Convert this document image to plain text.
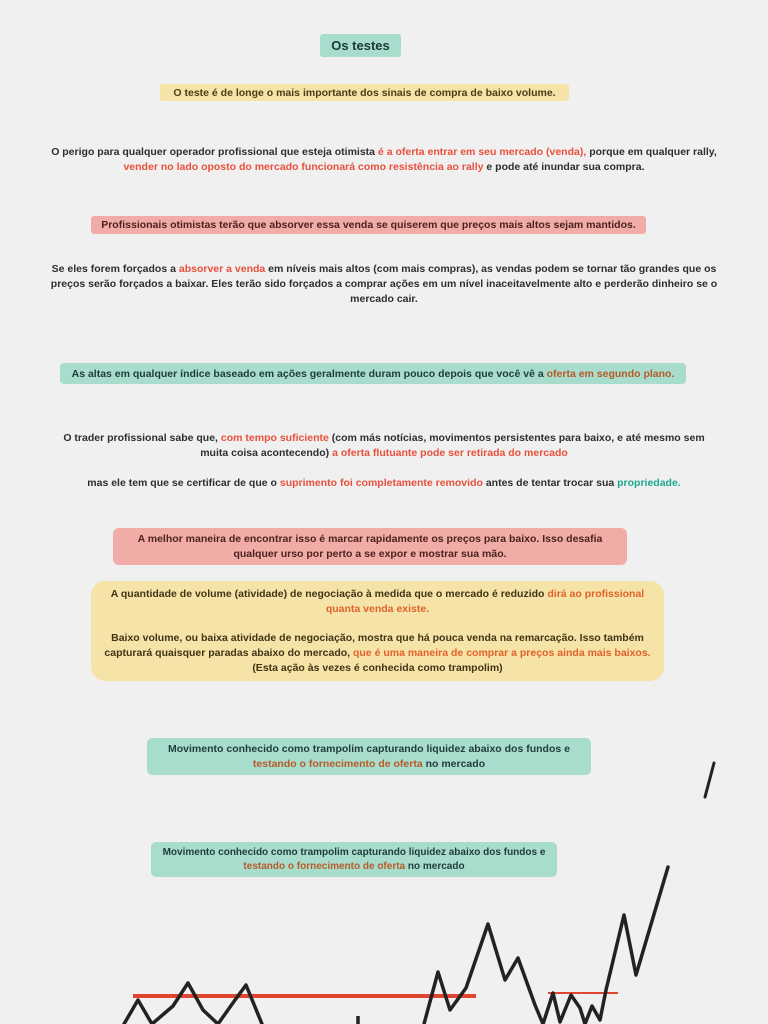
Os testes
O teste é de longe o mais importante dos sinais de compra de baixo volume.
O perigo para qualquer operador profissional que esteja otimista é a oferta entrar em seu mercado (venda), porque em qualquer rally, vender no lado oposto do mercado funcionará como resistência ao rally e pode até inundar sua compra.
Profissionais otimistas terão que absorver essa venda se quiserem que preços mais altos sejam mantidos.
Se eles forem forçados a absorver a venda em níveis mais altos (com mais compras), as vendas podem se tornar tão grandes que os preços serão forçados a baixar. Eles terão sido forçados a comprar ações em um nível inaceitavelmente alto e perderão dinheiro se o mercado cair.
As altas em qualquer índice baseado em ações geralmente duram pouco depois que você vê a oferta em segundo plano.
O trader profissional sabe que, com tempo suficiente (com más notícias, movimentos persistentes para baixo, e até mesmo sem muita coisa acontecendo) a oferta flutuante pode ser retirada do mercado
mas ele tem que se certificar de que o suprimento foi completamente removido antes de tentar trocar sua propriedade.
A melhor maneira de encontrar isso é marcar rapidamente os preços para baixo. Isso desafia
qualquer urso por perto a se expor e mostrar sua mão.
A quantidade de volume (atividade) de negociação à medida que o mercado é reduzido dirá ao profissional quanta venda existe.
Baixo volume, ou baixa atividade de negociação, mostra que há pouca venda na remarcação. Isso também capturará quaisquer paradas abaixo do mercado, que é uma maneira de comprar a preços ainda mais baixos. (Esta ação às vezes é conhecida como trampolim)
Movimento conhecido como trampolim capturando liquidez abaixo dos fundos e
testando o fornecimento de oferta no mercado
Movimento conhecido como trampolim capturando liquidez abaixo dos fundos e
testando o fornecimento de oferta no mercado
